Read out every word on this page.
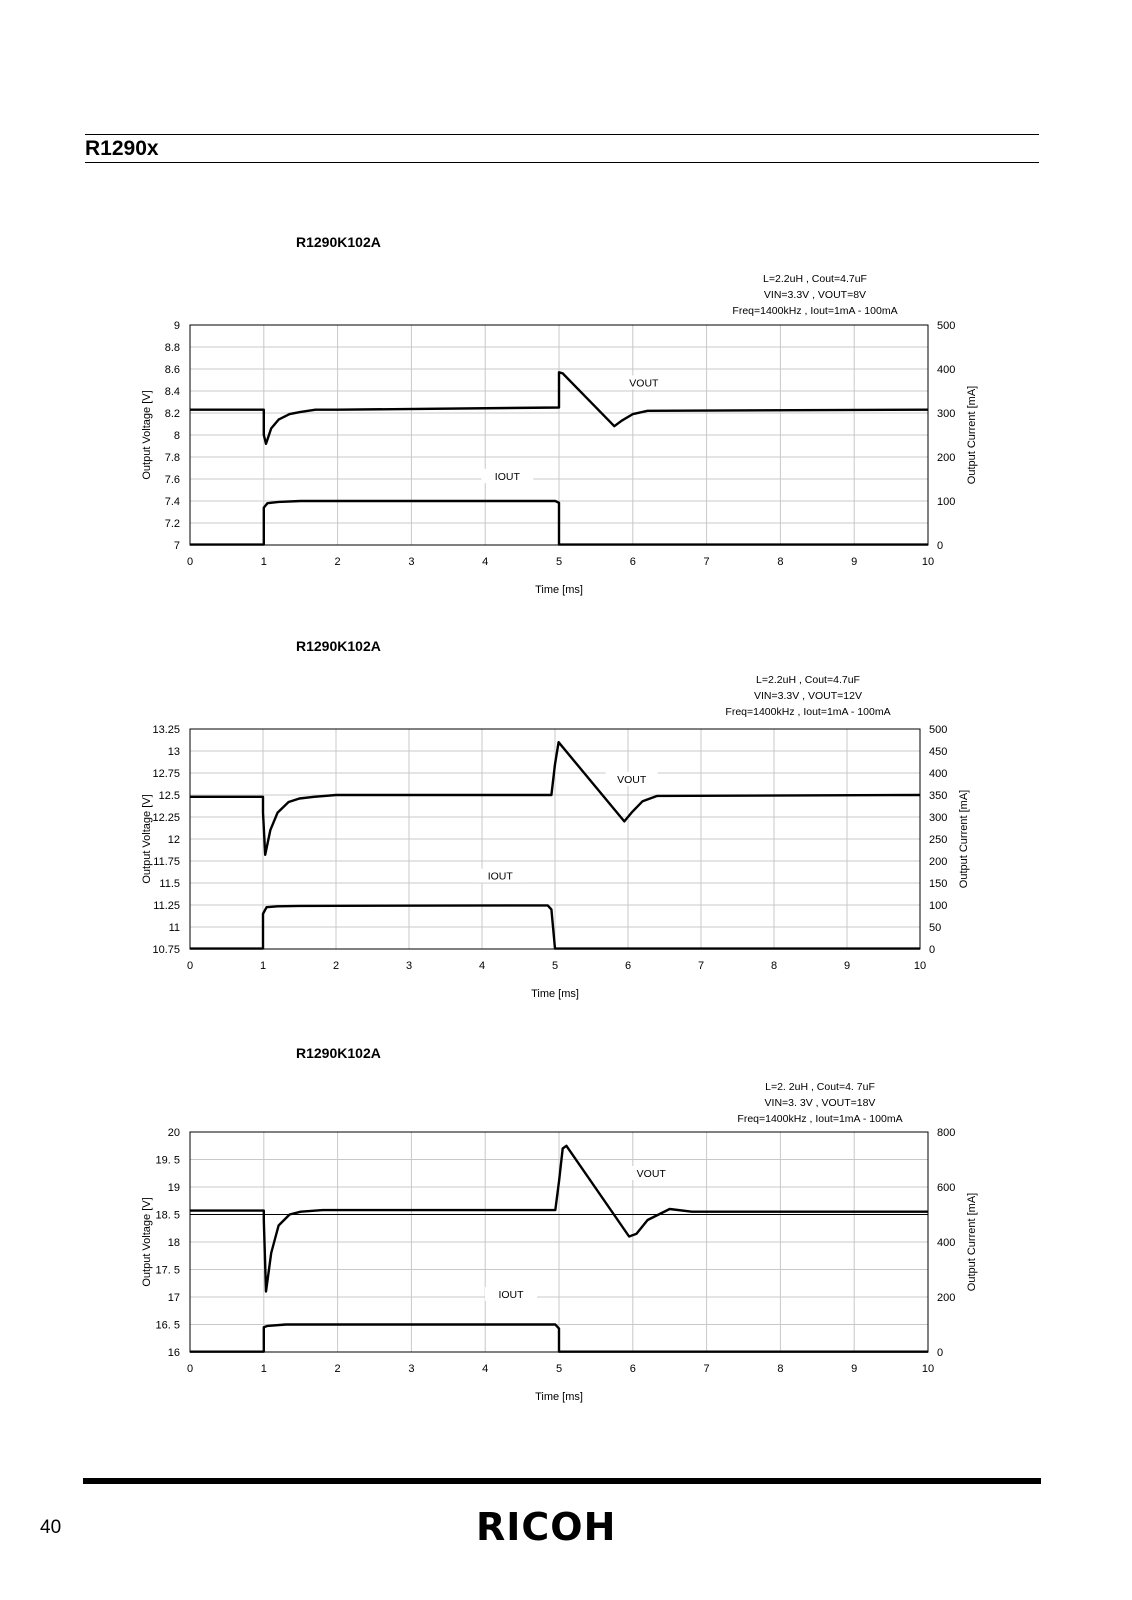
R1290x
R1290K102A
L=2.2uH , Cout=4.7uF
VIN=3.3V , VOUT=8V
Freq=1400kHz , Iout=1mA - 100mA
0	1	2	3	4	5	6	7	8	9	10
7
7.2
7.4
7.6
7.8
8
8.2
8.4
8.6
8.8
9
0
100
200
300
400
500
VOUT
IOUT
Time [ms]
Output Voltage [V]	Output Current [mA]
R1290K102A
L=2.2uH , Cout=4.7uF
VIN=3.3V , VOUT=12V
Freq=1400kHz , Iout=1mA - 100mA
0	1	2	3	4	5	6	7	8	9	10
10.75
11
11.25
11.5
11.75
12
12.25
12.5
12.75
13
13.25
0
50
100
150
200
250
300
350
400
450
500
VOUT
IOUT
Time [ms]
Output Voltage [V]	Output Current [mA]
R1290K102A
L=2. 2uH , Cout=4. 7uF
VIN=3. 3V , VOUT=18V
Freq=1400kHz , Iout=1mA - 100mA
0	1	2	3	4	5	6	7	8	9	10
16
16. 5
17
17. 5
18
18. 5
19
19. 5
20
0
200
400
600
800
VOUT
IOUT
Time [ms]
Output Voltage [V]	Output Current [mA]
40	RICOH
